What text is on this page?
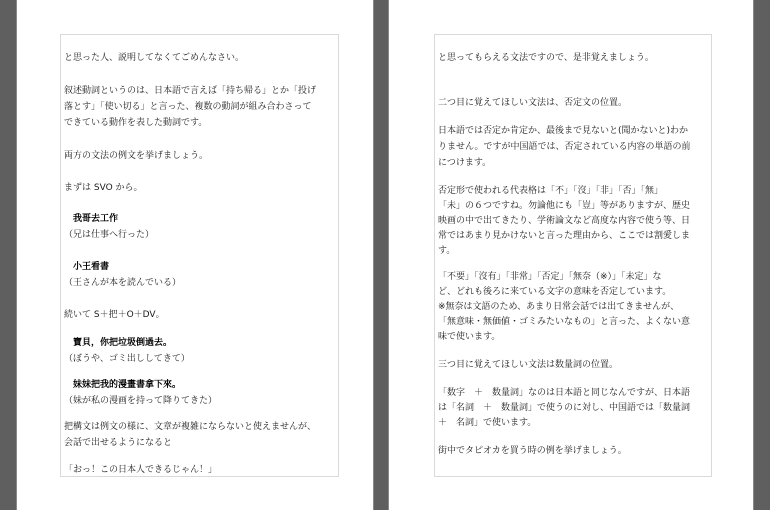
と思った人、説明してなくてごめんなさい。
叙述動詞というのは、日本語で言えば「持ち帰る」とか「投げ
落とす」「使い切る」と言った、複数の動詞が組み合わさって
できている動作を表した動詞です。
両方の文法の例文を挙げましょう。
まずは SVO から。
　我哥去工作
（兄は仕事へ行った）
　小王看書
（王さんが本を読んでいる）
続いて S＋把＋O＋DV。
　寶貝，你把垃圾倒過去。
（ぼうや、ゴミ出ししてきて）
　妹妹把我的漫畫書拿下來。
（妹が私の漫画を持って降りてきた）
把構文は例文の様に、文章が複雑にならないと使えませんが、
会話で出せるようになると
「おっ！この日本人できるじゃん！」
と思ってもらえる文法ですので、是非覚えましょう。
二つ目に覚えてほしい文法は、否定文の位置。
日本語では否定か肯定か、最後まで見ないと(聞かないと)わか
りません。ですが中国語では、否定されている内容の単語の前
につけます。
否定形で使われる代表格は「不」「沒」「非」「否」「無」
「未」の６つですね。勿論他にも「豈」等がありますが、歴史
映画の中で出てきたり、学術論文など高度な内容で使う等、日
常ではあまり見かけないと言った理由から、ここでは割愛しま
す。
「不要」「沒有」「非常」「否定」「無奈（※）」「未定」な
ど、どれも後ろに来ている文字の意味を否定しています。
※無奈は文語のため、あまり日常会話では出てきませんが、
「無意味・無価値・ゴミみたいなもの」と言った、よくない意
味で使います。
三つ目に覚えてほしい文法は数量詞の位置。
「数字　＋　数量詞」なのは日本語と同じなんですが、日本語
は「名詞　＋　数量詞」で使うのに対し、中国語では「数量詞
＋　名詞」で使います。
街中でタピオカを買う時の例を挙げましょう。
